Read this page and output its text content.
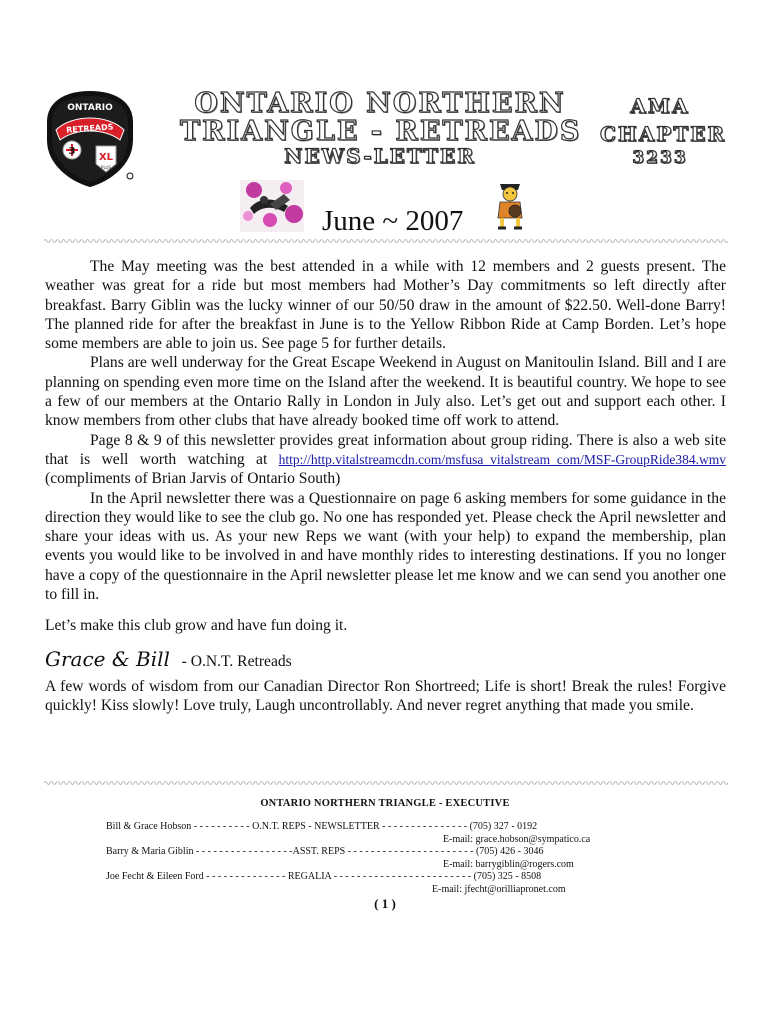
ONTARIO
RETREADS
XL
PLUS
3
ONTARIO NORTHERN
TRIANGLE - RETREADS
NEWS-LETTER
AMA
CHAPTER
3233
June ~ 2007

The May meeting was the best attended in a while with 12 members and 2 guests present. The weather was great for a ride but most members had Mother’s Day commitments so left directly after breakfast. Barry Giblin was the lucky winner of our 50/50 draw in the amount of $22.50. Well-done Barry! The planned ride for after the breakfast in June is to the Yellow Ribbon Ride at Camp Borden. Let’s hope some members are able to join us. See page 5 for further details.

Plans are well underway for the Great Escape Weekend in August on Manitoulin Island. Bill and I are planning on spending even more time on the Island after the weekend. It is beautiful country. We hope to see a few of our members at the Ontario Rally in London in July also. Let’s get out and support each other. I know members from other clubs that have already booked time off work to attend.

Page 8 & 9 of this newsletter provides great information about group riding. There is also a web site that is well worth watching at http://http.vitalstreamcdn.com/msfusa_vitalstream_com/MSF-GroupRide384.wmv (compliments of Brian Jarvis of Ontario South)

In the April newsletter there was a Questionnaire on page 6 asking members for some guidance in the direction they would like to see the club go. No one has responded yet. Please check the April newsletter and share your ideas with us. As your new Reps we want (with your help) to expand the membership, plan events you would like to be involved in and have monthly rides to interesting destinations. If you no longer have a copy of the questionnaire in the April newsletter please let me know and we can send you another one to fill in.

Let’s make this club grow and have fun doing it.

Grace & Bill - O.N.T. Retreads

A few words of wisdom from our Canadian Director Ron Shortreed; Life is short! Break the rules! Forgive quickly! Kiss slowly! Love truly, Laugh uncontrollably. And never regret anything that made you smile.

ONTARIO NORTHERN TRIANGLE - EXECUTIVE
Bill & Grace Hobson - - - - - - - - - - O.N.T. REPS - NEWSLETTER - - - - - - - - - - - - - - - (705) 327 - 0192
E-mail: grace.hobson@sympatico.ca
Barry & Maria Giblin - - - - - - - - - - - - - - - - -ASST. REPS - - - - - - - - - - - - - - - - - - - - - - (705) 426 - 3046
E-mail: barrygiblin@rogers.com
Joe Fecht & Eileen Ford - - - - - - - - - - - - - - REGALIA - - - - - - - - - - - - - - - - - - - - - - - - (705) 325 - 8508
E-mail: jfecht@orilliapronet.com
( 1 )
